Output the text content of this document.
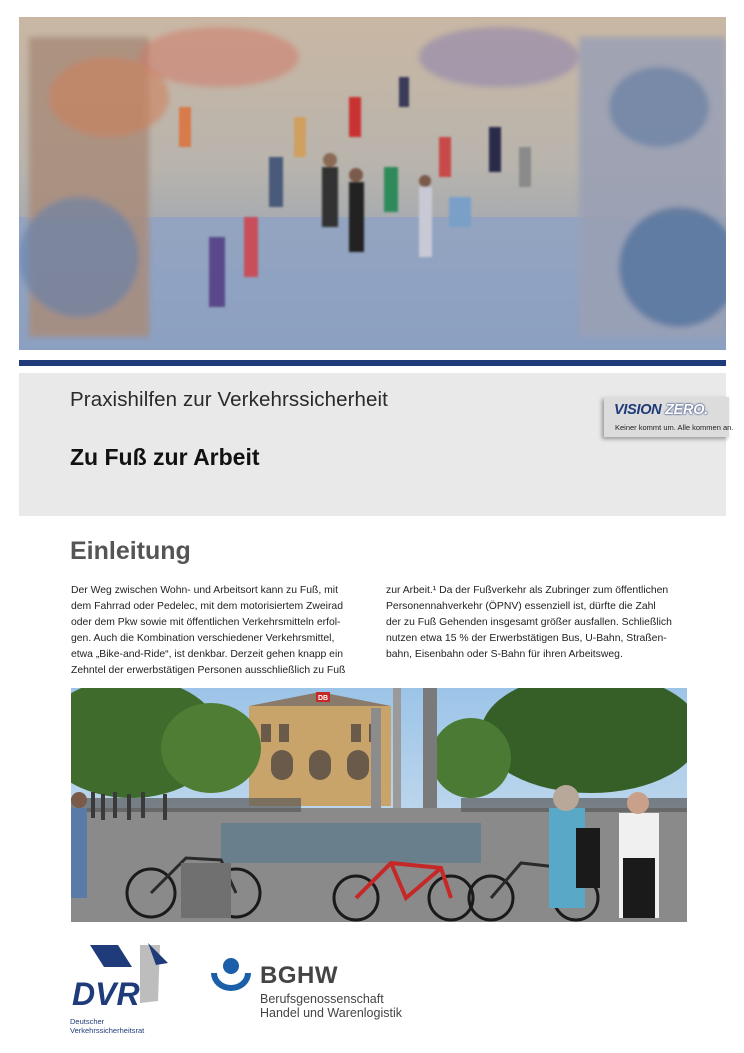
Praxishilfen zur Verkehrssicherheit
Zu Fuß zur Arbeit
VISION ZERO.
Keiner kommt um. Alle kommen an.
Einleitung

Der Weg zwischen Wohn- und Arbeitsort kann zu Fuß, mit

dem Fahrrad oder Pedelec, mit dem motorisiertem Zweirad

oder dem Pkw sowie mit öffentlichen Verkehrsmitteln erfol-

gen. Auch die Kombination verschiedener Verkehrsmittel,

etwa „Bike-and-Ride“, ist denkbar. Derzeit gehen knapp ein

Zehntel der erwerbstätigen Personen ausschließlich zu Fuß

zur Arbeit.¹ Da der Fußverkehr als Zubringer zum öffentlichen

Personennahverkehr (ÖPNV) essenziell ist, dürfte die Zahl

der zu Fuß Gehenden insgesamt größer ausfallen. Schließlich

nutzen etwa 15 % der Erwerbstätigen Bus, U-Bahn, Straßen-

bahn, Eisenbahn oder S-Bahn für ihren Arbeitsweg.

DB
DVR

Deutscher

Verkehrssicherheitsrat

BGHW
Berufsgenossenschaft
Handel und Warenlogistik
